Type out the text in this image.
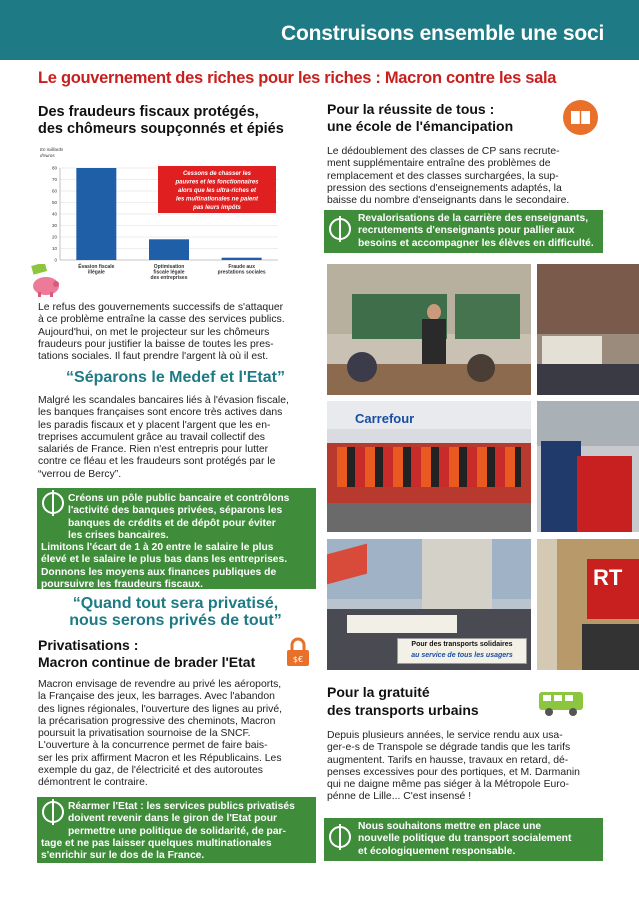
Construisons ensemble une soci
Le gouvernement des riches pour les riches : Macron contre les sala
Des fraudeurs fiscaux protégés,
des chômeurs soupçonnés et épiés
En milliards
d'euros
0
10
20
30
40
50
60
70
80
Évasion fiscale
illégale
Optimisation
fiscale légale
des entreprises
Fraude aux
prestations sociales
Cessons de chasser les
pauvres et les fonctionnaires
alors que les ultra-riches et
les multinationales ne paient
pas leurs impôts
Le refus des gouvernements successifs de s'attaquer
à ce problème entraîne la casse des services publics.
Aujourd'hui, on met le projecteur sur les chômeurs
fraudeurs pour justifier la baisse de toutes les pres-
tations sociales. Il faut prendre l'argent là où il est.
“Séparons le Medef et l'Etat”
Malgré les scandales bancaires liés à l'évasion fiscale,
les banques françaises sont encore très actives dans
les paradis fiscaux et y placent l'argent que les en-
treprises accumulent grâce au travail collectif des
salariés de France. Rien n'est entrepris pour lutter
contre ce fléau et les fraudeurs sont protégés par le
“verrou de Bercy”.

Créons un pôle public bancaire et contrôlons
l'activité des banques privées, séparons les
banques de crédits et de dépôt pour éviter
les crises bancaires.

Limitons l'écart de 1 à 20 entre le salaire le plus
élevé et le salaire le plus bas dans les entreprises.
Donnons les moyens aux finances publiques de
poursuivre les fraudeurs fiscaux.

“Quand tout sera privatisé,
nous serons privés de tout”
Privatisations :
Macron continue de brader l'Etat	$€
Macron envisage de revendre au privé les aéroports,
la Française des jeux, les barrages. Avec l'abandon
des lignes régionales, l'ouverture des lignes au privé,
la précarisation progressive des cheminots, Macron
poursuit la privatisation sournoise de la SNCF.
L'ouverture à la concurrence permet de faire bais-
ser les prix affirment Macron et les Républicains. Les
exemple du gaz, de l'électricité et des autoroutes
démontrent le contraire.

Réarmer l'Etat : les services publics privatisés
doivent revenir dans le giron de l'Etat pour
permettre une politique de solidarité, de par-

tage et ne pas laisser quelques multinationales
s'enrichir sur le dos de la France.

Pour la réussite de tous :
une école de l'émancipation
Le dédoublement des classes de CP sans recrute-
ment supplémentaire entraîne des problèmes de
remplacement et des classes surchargées, la sup-
pression des sections d'enseignements adaptés, la
baisse du nombre d'enseignants dans le secondaire.

Revalorisations de la carrière des enseignants,
recrutements d'enseignants pour pallier aux
besoins et accompagner les élèves en difficulté.

Carrefour
Pour des transports solidaires
au service de tous les usagers
RT
Pour la gratuité
des transports urbains
Depuis plusieurs années, le service rendu aux usa-
ger-e-s de Transpole se dégrade tandis que les tarifs
augmentent. Tarifs en hausse, travaux en retard, dé-
penses excessives pour des portiques, et M. Darmanin
qui ne daigne même pas siéger à la Métropole Euro-
pénne de Lille... C'est insensé !

Nous souhaitons mettre en place une
nouvelle politique du transport socialement
et écologiquement responsable.
